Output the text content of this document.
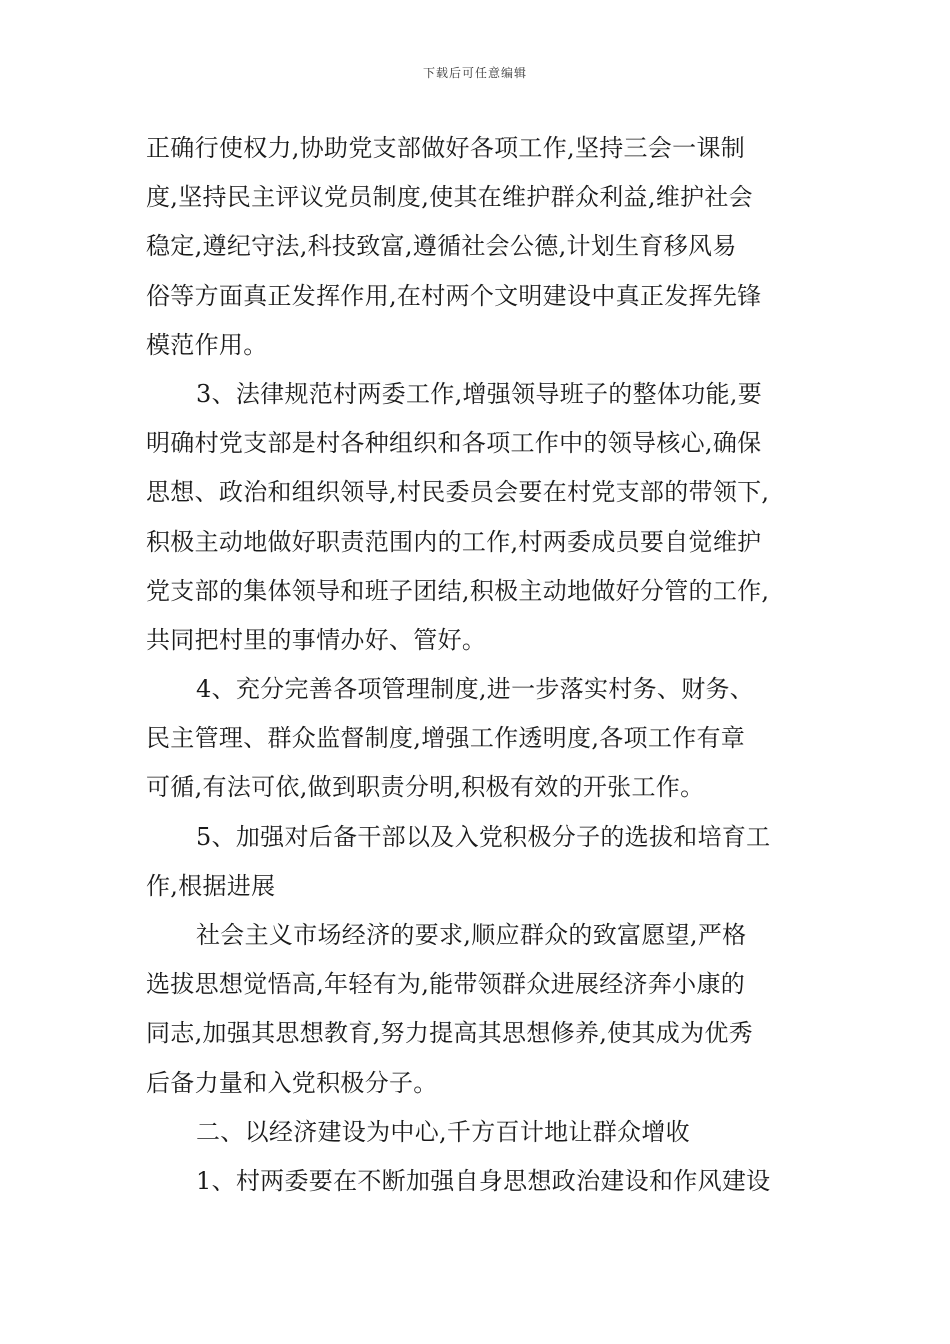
下载后可任意编辑
正确行使权力,协助党支部做好各项工作,坚持三会一课制
度,坚持民主评议党员制度,使其在维护群众利益,维护社会
稳定,遵纪守法,科技致富,遵循社会公德,计划生育移风易
俗等方面真正发挥作用,在村两个文明建设中真正发挥先锋
模范作用。
3、法律规范村两委工作,增强领导班子的整体功能,要
明确村党支部是村各种组织和各项工作中的领导核心,确保
思想、政治和组织领导,村民委员会要在村党支部的带领下,
积极主动地做好职责范围内的工作,村两委成员要自觉维护
党支部的集体领导和班子团结,积极主动地做好分管的工作,
共同把村里的事情办好、管好。
4、充分完善各项管理制度,进一步落实村务、财务、
民主管理、群众监督制度,增强工作透明度,各项工作有章
可循,有法可依,做到职责分明,积极有效的开张工作。
5、加强对后备干部以及入党积极分子的选拔和培育工
作,根据进展
社会主义市场经济的要求,顺应群众的致富愿望,严格
选拔思想觉悟高,年轻有为,能带领群众进展经济奔小康的
同志,加强其思想教育,努力提高其思想修养,使其成为优秀
后备力量和入党积极分子。
二、以经济建设为中心,千方百计地让群众增收
1、村两委要在不断加强自身思想政治建设和作风建设
